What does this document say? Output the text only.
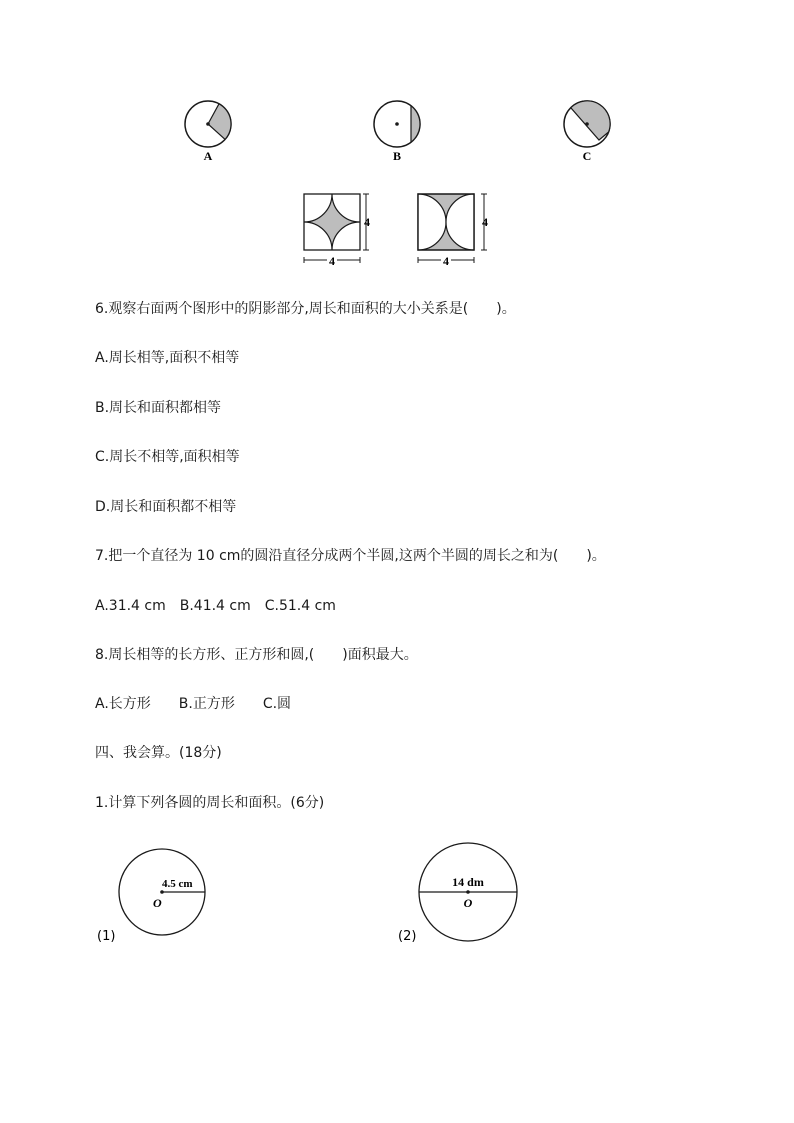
A	B	C
4
4
4
4
6.观察右面两个图形中的阴影部分,周长和面积的大小关系是(　　)。
A.周长相等,面积不相等
B.周长和面积都相等
C.周长不相等,面积相等
D.周长和面积都不相等
7.把一个直径为 10 cm的圆沿直径分成两个半圆,这两个半圆的周长之和为(　　)。
A.31.4 cm　B.41.4 cm　C.51.4 cm
8.周长相等的长方形、正方形和圆,(　　)面积最大。
A.长方形　　B.正方形　　C.圆
四、我会算。(18分)
1.计算下列各圆的周长和面积。(6分)
4.5 cm
O
(1)
14 dm
O
(2)
